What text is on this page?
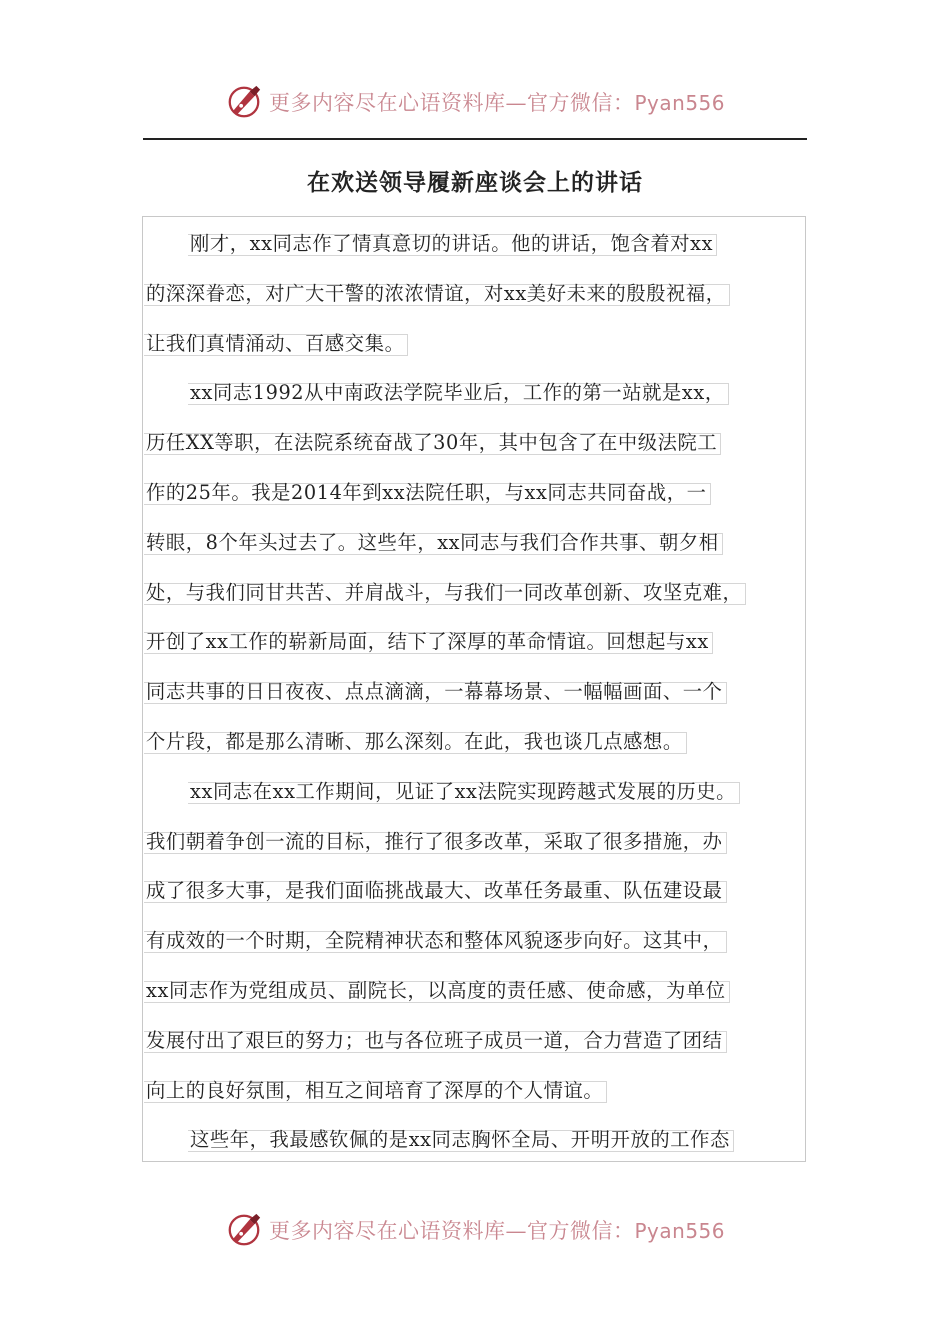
更多内容尽在心语资料库—官方微信：Pyan556
在欢送领导履新座谈会上的讲话
刚才，xx同志作了情真意切的讲话。他的讲话，饱含着对xx
的深深眷恋，对广大干警的浓浓情谊，对xx美好未来的殷殷祝福，
让我们真情涌动、百感交集。
xx同志1992从中南政法学院毕业后，工作的第一站就是xx，
历任XX等职，在法院系统奋战了30年，其中包含了在中级法院工
作的25年。我是2014年到xx法院任职，与xx同志共同奋战，一
转眼，8个年头过去了。这些年，xx同志与我们合作共事、朝夕相
处，与我们同甘共苦、并肩战斗，与我们一同改革创新、攻坚克难，
开创了xx工作的崭新局面，结下了深厚的革命情谊。回想起与xx
同志共事的日日夜夜、点点滴滴，一幕幕场景、一幅幅画面、一个
个片段，都是那么清晰、那么深刻。在此，我也谈几点感想。
xx同志在xx工作期间，见证了xx法院实现跨越式发展的历史。
我们朝着争创一流的目标，推行了很多改革，采取了很多措施，办
成了很多大事，是我们面临挑战最大、改革任务最重、队伍建设最
有成效的一个时期，全院精神状态和整体风貌逐步向好。这其中，
xx同志作为党组成员、副院长，以高度的责任感、使命感，为单位
发展付出了艰巨的努力；也与各位班子成员一道，合力营造了团结
向上的良好氛围，相互之间培育了深厚的个人情谊。
这些年，我最感钦佩的是xx同志胸怀全局、开明开放的工作态
更多内容尽在心语资料库—官方微信：Pyan556
